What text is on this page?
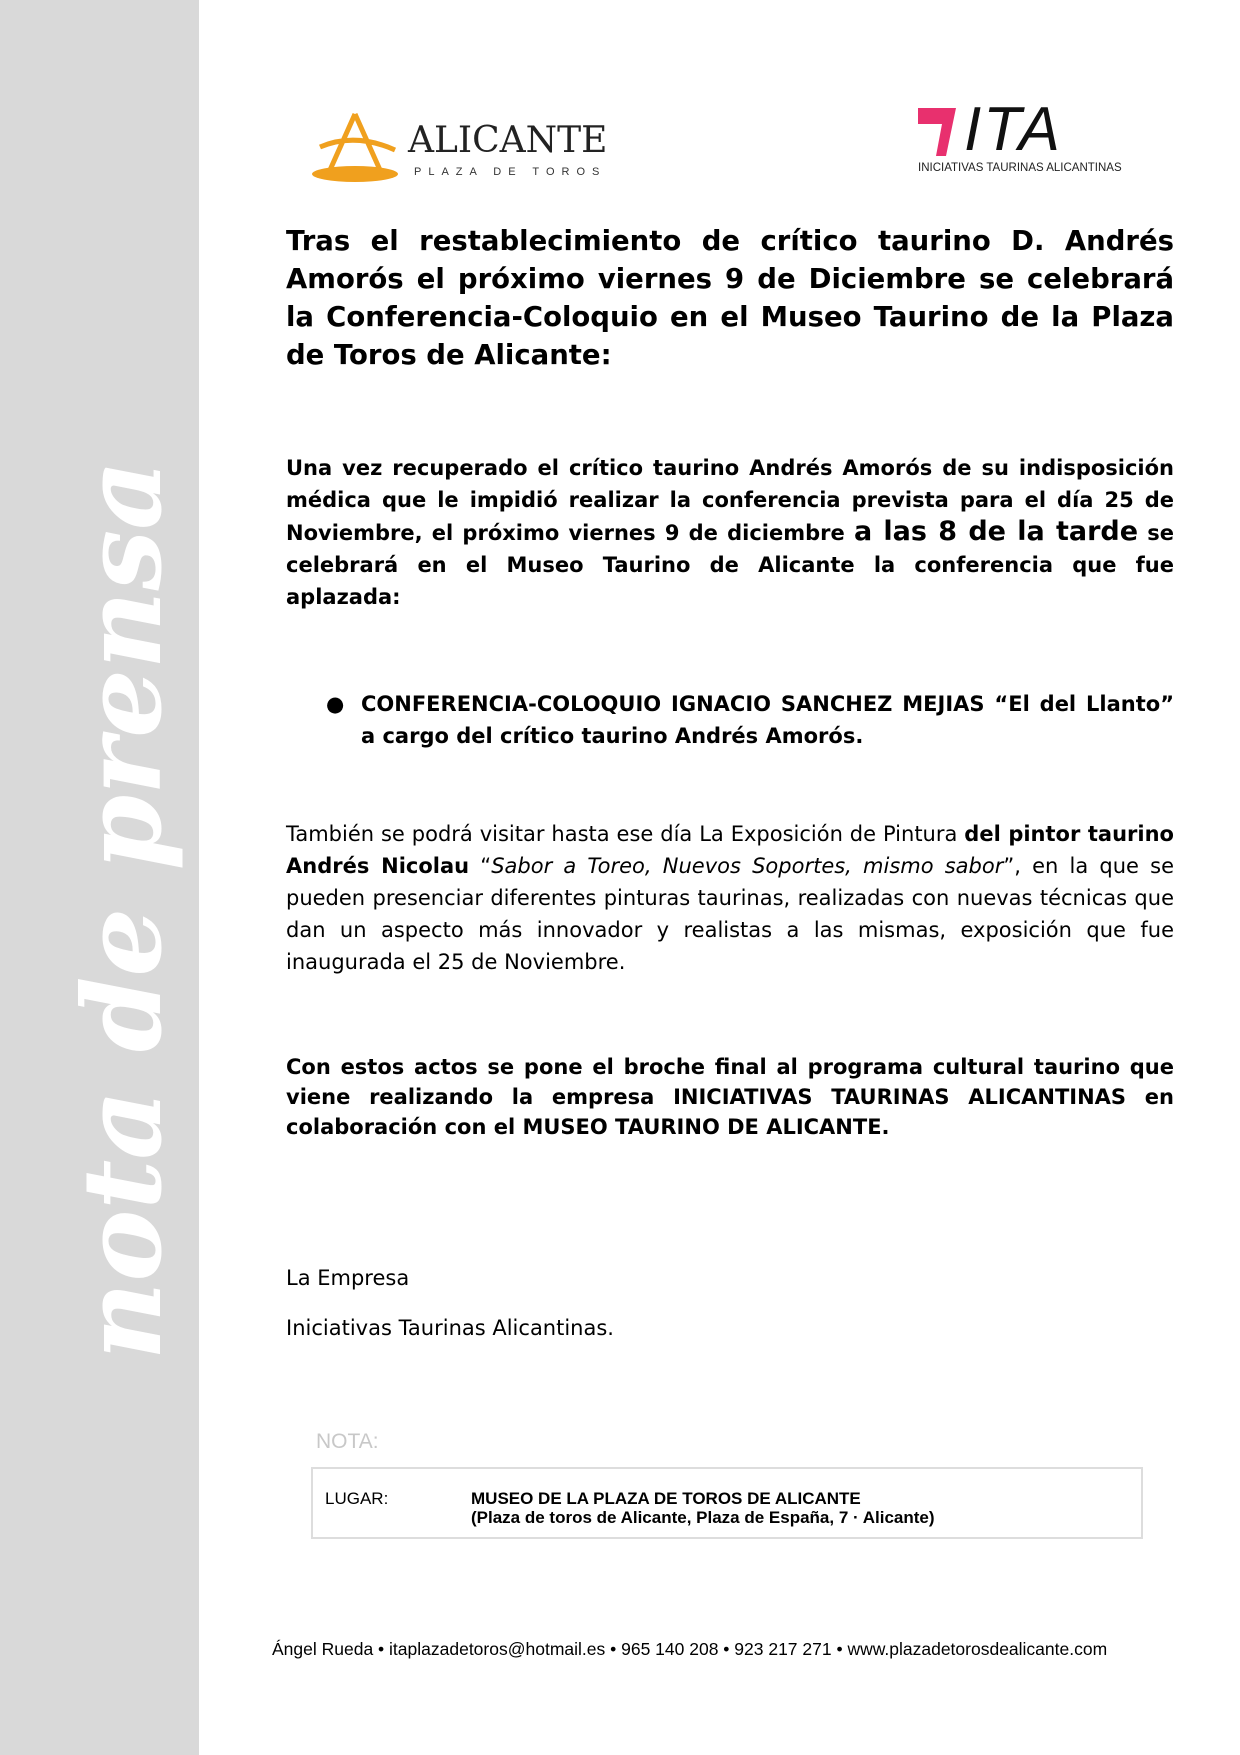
nota de prensa
ALICANTE
PLAZA DE TOROS
ITA
INICIATIVAS TAURINAS ALICANTINAS
Tras el restablecimiento de crítico taurino D. Andrés Amorós el próximo viernes 9 de Diciembre se celebrará la Conferencia-Coloquio en el Museo Taurino de la Plaza de Toros de Alicante:
Una vez recuperado el crítico taurino Andrés Amorós de su indisposición médica que le impidió realizar la conferencia prevista para el día 25 de Noviembre, el próximo viernes 9 de diciembre a las 8 de la tarde se celebrará en el Museo Taurino de Alicante la conferencia que fue aplazada:
● CONFERENCIA-COLOQUIO IGNACIO SANCHEZ MEJIAS “El del Llanto” a cargo del crítico taurino Andrés Amorós.
También se podrá visitar hasta ese día La Exposición de Pintura del pintor taurino Andrés Nicolau “Sabor a Toreo, Nuevos Soportes, mismo sabor”, en la que se pueden presenciar diferentes pinturas taurinas, realizadas con nuevas técnicas que dan un aspecto más innovador y realistas a las mismas, exposición que fue inaugurada el 25 de Noviembre.
Con estos actos se pone el broche final al programa cultural taurino que viene realizando la empresa INICIATIVAS TAURINAS ALICANTINAS en colaboración con el MUSEO TAURINO DE ALICANTE.
La Empresa
Iniciativas Taurinas Alicantinas.
NOTA:
LUGAR:	MUSEO DE LA PLAZA DE TOROS DE ALICANTE
(Plaza de toros de Alicante, Plaza de España, 7 · Alicante)
Ángel Rueda • itaplazadetoros@hotmail.es • 965 140 208 • 923 217 271 • www.plazadetorosdealicante.com
